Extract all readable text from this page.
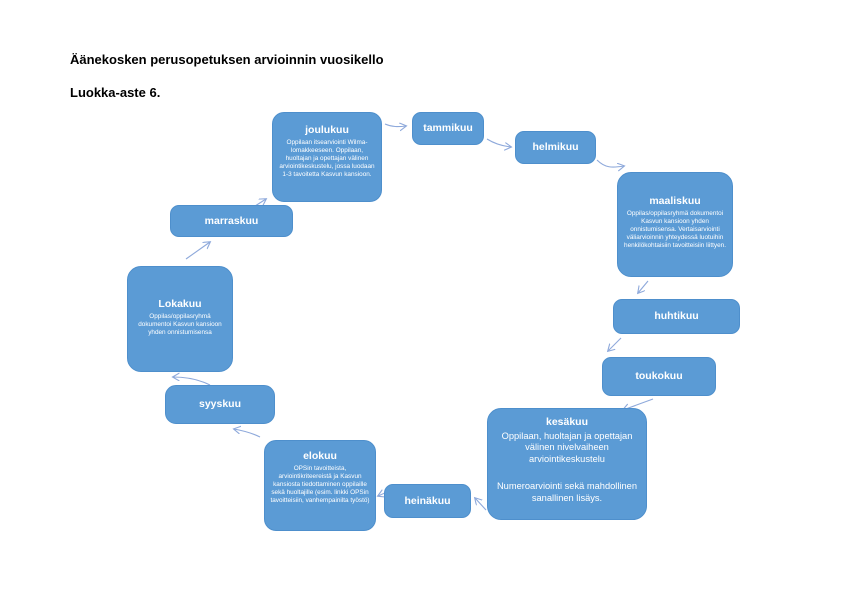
Äänekosken perusopetuksen arvioinnin vuosikello

Luokka-aste 6.

joulukuu
Oppilaan itsearviointi Wilma-lomakkeeseen. Oppilaan, huoltajan ja opettajan välinen arviointikeskustelu, jossa luodaan 1-3 tavoitetta Kasvun kansioon.
tammikuu
helmikuu
maaliskuu
Oppilas/oppilasryhmä dokumentoi Kasvun kansioon yhden onnistumisensa. Vertaisarviointi väliarvioinnin yhteydessä luotuihin henkilökohtaisiin tavoitteisiin liittyen.
huhtikuu
toukokuu
kesäkuu
Oppilaan, huoltajan ja opettajan välinen nivelvaiheen arviointikeskustelu
Numeroarviointi sekä mahdollinen sanallinen lisäys.
heinäkuu
elokuu
OPSin tavoitteista, arviointikriteereistä ja Kasvun kansiosta tiedottaminen oppilaille sekä huoltajille (esim. linkki OPSin tavoitteisiin, vanhempainilta työstö)
syyskuu
Lokakuu
Oppilas/oppilasryhmä dokumentoi Kasvun kansioon yhden onnistumisensa
marraskuu
